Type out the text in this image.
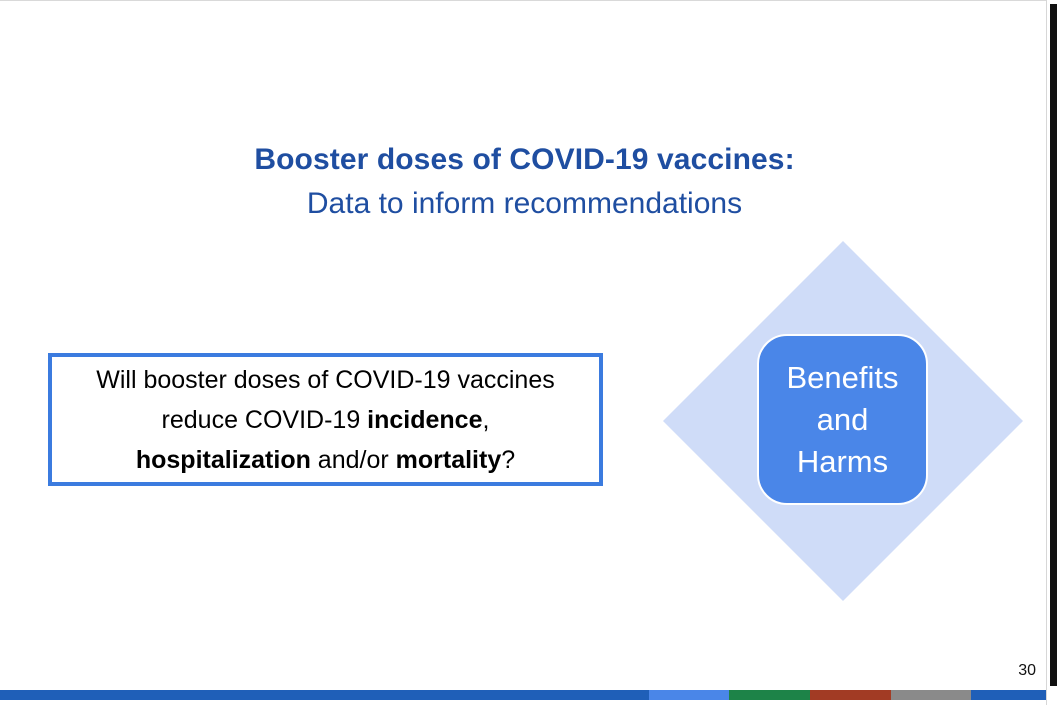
Booster doses of COVID-19 vaccines:
Data to inform recommendations
Will booster doses of COVID-19 vaccines reduce COVID-19 incidence, hospitalization and/or mortality?
Benefits
and
Harms
30
